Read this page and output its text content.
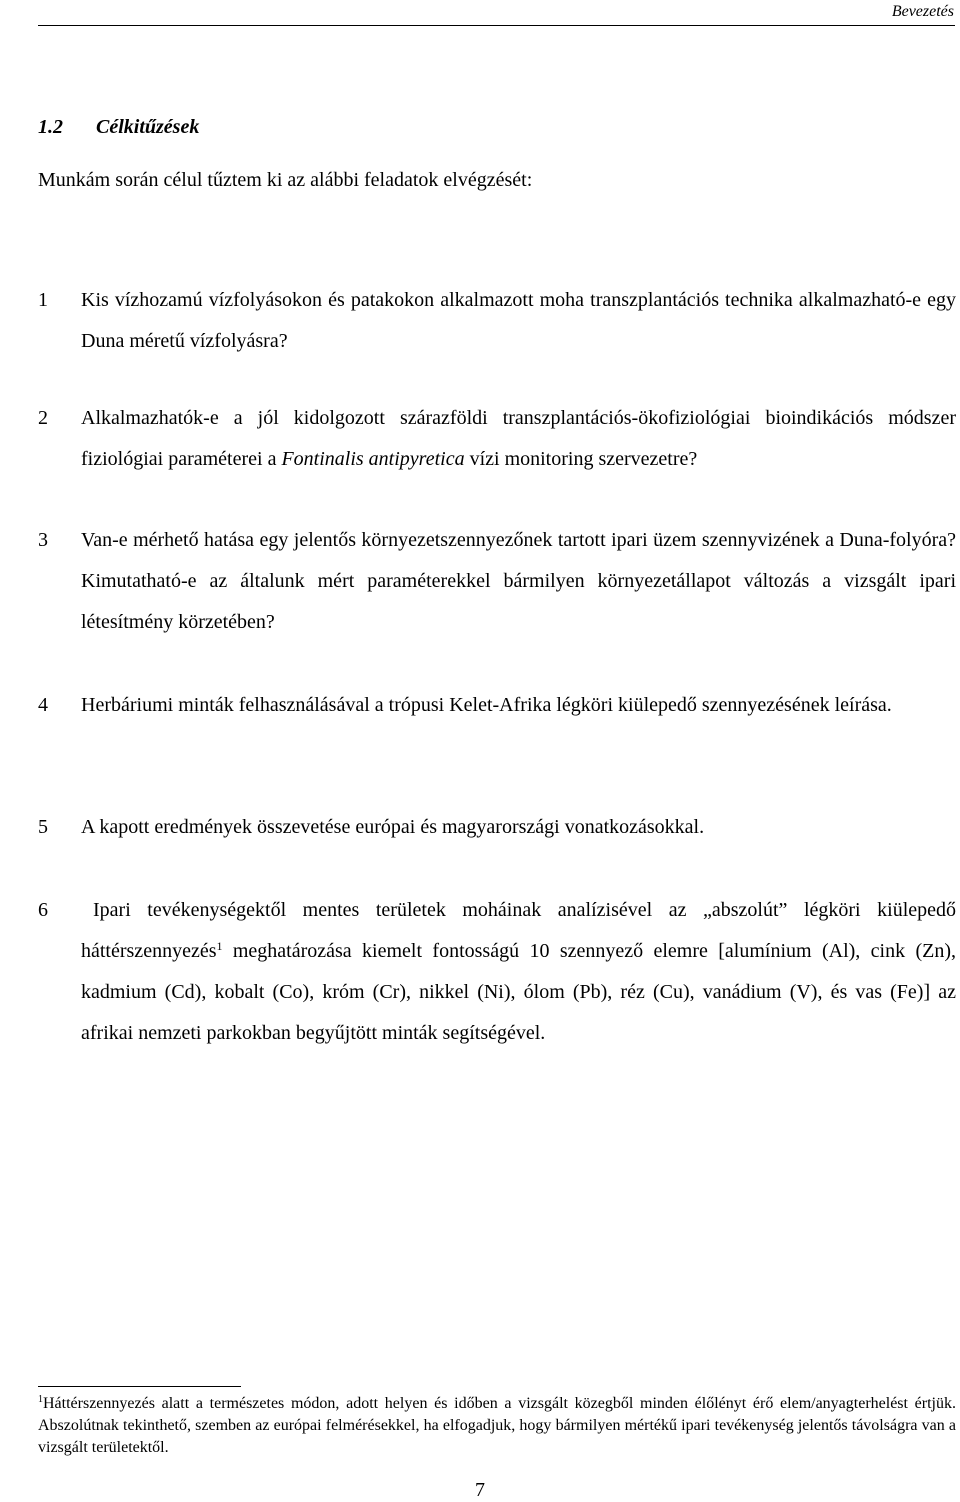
Bevezetés
1.2 Célkitűzések
Munkám során célul tűztem ki az alábbi feladatok elvégzését:
1 Kis vízhozamú vízfolyásokon és patakokon alkalmazott moha transzplantációs technika alkalmazható-e egy Duna méretű vízfolyásra?
2 Alkalmazhatók-e a jól kidolgozott szárazföldi transzplantációs-ökofiziológiai bioindikációs módszer fiziológiai paraméterei a Fontinalis antipyretica vízi monitoring szervezetre?
3 Van-e mérhető hatása egy jelentős környezetszennyezőnek tartott ipari üzem szennyvizének a Duna-folyóra? Kimutatható-e az általunk mért paraméterekkel bármilyen környezetállapot változás a vizsgált ipari létesítmény körzetében?
4 Herbáriumi minták felhasználásával a trópusi Kelet-Afrika légköri kiülepedő szennyezésének leírása.
5 A kapott eredmények összevetése európai és magyarországi vonatkozásokkal.
6	Ipari tevékenységektől mentes területek moháinak analízisével az „abszolút” légköri kiülepedő háttérszennyezés$^1$ meghatározása kiemelt fontosságú 10 szennyező elemre [alumínium (Al), cink (Zn), kadmium (Cd), kobalt (Co), króm (Cr), nikkel (Ni), ólom (Pb), réz (Cu), vanádium (V), és vas (Fe)] az afrikai nemzeti parkokban begyűjtött minták segítségével.
$^1$Háttérszennyezés alatt a természetes módon, adott helyen és időben a vizsgált közegből minden élőlényt érő elem/anyagterhelést értjük. Abszolútnak tekinthető, szemben az európai felmérésekkel, ha elfogadjuk, hogy bármilyen mértékű ipari tevékenység jelentős távolságra van a vizsgált területektől.
7
